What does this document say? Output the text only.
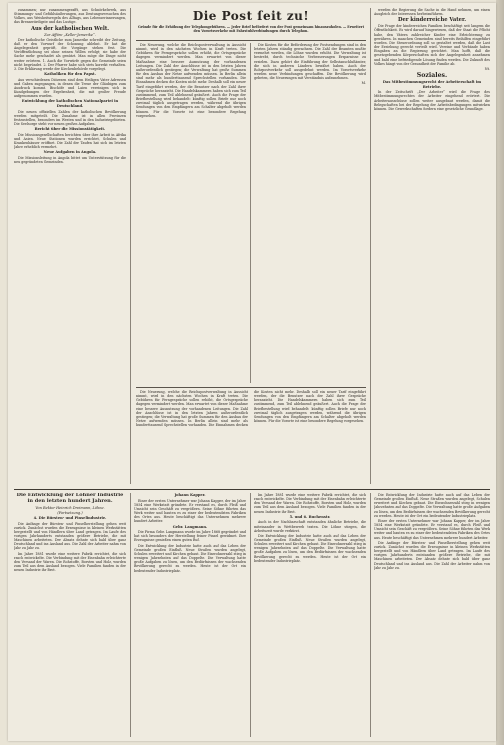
zusammen; nur zusammengerafft, aus Schnörkelwerk, aus Stimmungs- und Gefühlsäußerungen, aus Deutungsversuchen des Volkes, aus Weisheitsregeln des Alltags, aus Lebenserinnerungen, das Brennwürdigste und das Lustige.

Aus der katholischen Welt.

Zur Affäre „Keller-Jamerike“.

Der katholische Geistliche zum Jamerike schreibt der Zeitung, daß er den Vorwurf der Schonung ablehnt. Er hat die Angelegenheit geprüft, die Vorgänge stehen fest. Die Veröffentlichung sei ohne seinen Willen erfolgt; sie habe der Sache mehr geschadet als genützt. Man möge die Dinge nicht weiter erörtern. 1. Auch die Vorwürfe gegen die Gemeinde seien nicht begründet. 2. Der Pfarrer habe sich stets korrekt verhalten. 3. Die Erklärung werde der Kirchenbehörde vorgelegt.

Katholiken für den Papst.

Aus verschiedenen Diözesen sind dem Heiligen Vater Adressen und Gaben zugegangen, in denen die Treue der Gläubigen zum Ausdruck kommt. Bischöfe und Laien vereinigen sich in Kundgebungen der Ergebenheit, die mit großer Freude aufgenommen wurden.

Entwicklung der katholischen Nationalpartei in Deutschland.

Die neuen offiziellen Zahlen der katholischen Bevölkerung werden mitgeteilt. Die Zunahme ist in allen Provinzen festzustellen, besonders im Westen und in den Industriegebieten. Die Seelsorge steht vor neuen großen Aufgaben.

Bericht über die Missionstätigkeit.

Die Missionsgesellschaften berichten über ihre Arbeit in Afrika und Asien. Neue Stationen wurden errichtet, Schulen und Krankenhäuser eröffnet. Die Zahl der Taufen hat sich im letzten Jahre erheblich vermehrt.

Neue Aufgaben in Angola.

Die Missionsleitung in Angola bittet um Unterstützung für die neu gegründeten Gemeinden.

Die Post ſeit zu!
Gründe für die Erhöhung der Telephongebühren. — Jeder Brief befördert von der Post gemeinsam hinauszuholen. — Erweitert den Vorortsverkehr mit Fahrstuhlverbindungen durch Telephon.

Die Neuerung, welche die Reichspostverwaltung in Aussicht nimmt, wird in den nächsten Wochen in Kraft treten. Die Gebühren für Ferngespräche sollen erhöht, die Ortsgespräche dagegen vermindert werden. Man erwartet von dieser Maßnahme eine bessere Ausnutzung der vorhandenen Leitungen. Die Zahl der Anschlüsse ist in den letzten Jahren außerordentlich gestiegen; die Verwaltung hat große Summen für den Ausbau der Netze aufwenden müssen. In Berlin allein sind mehr als hunderttausend Sprechstellen vorhanden. Die Einnahmen decken die Kosten nicht mehr. Deshalb soll ein neuer Tarif eingeführt werden, der die Benutzer nach der Zahl ihrer Gespräche heranzieht. Die Handelskammern haben sich zum Teil zustimmend, zum Teil ablehnend geäußert. Auch die Frage der Briefbestellung wird behandelt: künftig sollen Briefe nur noch zweimal täglich ausgetragen werden, während die übrigen Sendungen von den Empfängern am Schalter abgeholt werden können. Für die Vororte ist eine besondere Regelung vorgesehen.

Die Kosten für die Beförderung der Postsendungen sind in den letzten Jahren ständig gewachsen. Die Zahl der Beamten mußte vermehrt werden, die Löhne wurden erhöht. Die Verwaltung ist bestrebt, durch technische Verbesserungen Ersparnisse zu erzielen. Dazu gehört die Einführung der Selbstanschlußämter, die sich in anderen Ländern bewährt haben. Auch der Rohrpostverkehr soll ausgedehnt werden. Im Vorortsverkehr werden neue Verbindungen geschaffen. Die Bevölkerung wird gebeten, die Neuerungen mit Verständnis aufzunehmen.

M.

werden die Regierung die Sache in die Hand nehmen, um einen Ausgleich der Interessen herbeizuführen.

Der kinderreiche Vater.

Die Frage der kinderreichen Familien beschäftigt seit langem die Öffentlichkeit. Es wird darauf hingewiesen, daß der Staat die Pflicht habe, den Vätern zahlreicher Kinder eine Erleichterung zu gewähren. In manchen Gemeinden sind bereits Beihilfen eingeführt worden. Die Steuerordnung soll so gestaltet werden, daß die Last der Erziehung gerecht verteilt wird. Vereine und Verbände haben Eingaben an die Regierung gerichtet. Man hofft, daß die gesetzgebenden Körperschaften sich der Angelegenheit annehmen und bald eine befriedigende Lösung finden werden. Die Zukunft des Volkes hängt von der Gesundheit der Familie ab.

Nt.

Soziales.

Das Mitbestimmungsrecht der Arbeiterschaft im Betriebe.

In der Zeitschrift „Der Arbeiter“ wird die Frage des Mitbestimmungsrechtes der Arbeiter eingehend erörtert. Die Arbeiterausschüsse sollen weiter ausgebaut werden, damit die Belegschaften bei der Regelung der Arbeitsbedingungen mitwirken können. Die Gewerkschaften fordern eine gesetzliche Grundlage.

Die Neuerung, welche die Reichspostverwaltung in Aussicht nimmt, wird in den nächsten Wochen in Kraft treten. Die Gebühren für Ferngespräche sollen erhöht, die Ortsgespräche dagegen vermindert werden. Man erwartet von dieser Maßnahme eine bessere Ausnutzung der vorhandenen Leitungen. Die Zahl der Anschlüsse ist in den letzten Jahren außerordentlich gestiegen; die Verwaltung hat große Summen für den Ausbau der Netze aufwenden müssen. In Berlin allein sind mehr als hunderttausend Sprechstellen vorhanden. Die Einnahmen decken die Kosten nicht mehr. Deshalb soll ein neuer Tarif eingeführt werden, der die Benutzer nach der Zahl ihrer Gespräche heranzieht. Die Handelskammern haben sich zum Teil zustimmend, zum Teil ablehnend geäußert. Auch die Frage der Briefbestellung wird behandelt: künftig sollen Briefe nur noch zweimal täglich ausgetragen werden, während die übrigen Sendungen von den Empfängern am Schalter abgeholt werden können. Für die Vororte ist eine besondere Regelung vorgesehen.

Die Entwicklung der Löhner Industrie in den letzten hundert Jahren.

Von Rektor Heinrich Dreimann, Löhne.

(Fortsetzung.)

4. Die Bürsten- und Pinselindustrie.

Die Anfänge der Bürsten- und Pinselherstellung gehen weit zurück. Zunächst wurden die Erzeugnisse in kleinen Werkstätten hergestellt und von Händlern über Land getragen. Im Laufe des vorigen Jahrhunderts entstanden größere Betriebe, die mit Maschinen arbeiteten. Der Absatz dehnte sich bald über ganz Deutschland und ins Ausland aus. Die Zahl der Arbeiter nahm von Jahr zu Jahr zu.

Im Jahre 1881 wurde eine weitere Fabrik errichtet, die sich rasch entwickelte. Die Verbindung mit der Eisenbahn erleichterte den Versand der Waren. Die Rohstoffe, Borsten und Holz, wurden zum Teil aus dem Ausland bezogen. Viele Familien fanden in der neuen Industrie ihr Brot.

Johann Kapper.

Einer der ersten Unternehmer war Johann Kapper, der im Jahre 1854 eine Werkstatt gründete. Er verstand es, durch Fleiß und Umsicht sein Geschäft zu vergrößern. Seine Söhne führten das Werk weiter und bauten es zu einer der bedeutendsten Fabriken des Ortes aus. Heute beschäftigt das Unternehmen mehrere hundert Arbeiter.

Gebr. Langmann.

Die Firma Gebr. Langmann wurde im Jahre 1868 gegründet und hat sich besonders der Herstellung feiner Pinsel gewidmet. Ihre Erzeugnisse genießen einen guten Ruf.

Die Entwicklung der Industrie hatte auch auf das Leben der Gemeinde großen Einfluß. Neue Straßen wurden angelegt, Schulen erweitert und Kirchen gebaut. Die Einwohnerzahl stieg in wenigen Jahrzehnten auf das Doppelte. Die Verwaltung hatte große Aufgaben zu lösen, um den Bedürfnissen der wachsenden Bevölkerung gerecht zu werden. Heute ist der Ort ein bedeutender Industrieplatz.

Im Jahre 1881 wurde eine weitere Fabrik errichtet, die sich rasch entwickelte. Die Verbindung mit der Eisenbahn erleichterte den Versand der Waren. Die Rohstoffe, Borsten und Holz, wurden zum Teil aus dem Ausland bezogen. Viele Familien fanden in der neuen Industrie ihr Brot.

5. und 6. Buchenstr.

Auch in der Nachbarschaft entstanden ähnliche Betriebe, die miteinander in Wettbewerb traten. Die Löhne stiegen, die Arbeitszeit wurde verkürzt.

Die Entwicklung der Industrie hatte auch auf das Leben der Gemeinde großen Einfluß. Neue Straßen wurden angelegt, Schulen erweitert und Kirchen gebaut. Die Einwohnerzahl stieg in wenigen Jahrzehnten auf das Doppelte. Die Verwaltung hatte große Aufgaben zu lösen, um den Bedürfnissen der wachsenden Bevölkerung gerecht zu werden. Heute ist der Ort ein bedeutender Industrieplatz.

Die Entwicklung der Industrie hatte auch auf das Leben der Gemeinde großen Einfluß. Neue Straßen wurden angelegt, Schulen erweitert und Kirchen gebaut. Die Einwohnerzahl stieg in wenigen Jahrzehnten auf das Doppelte. Die Verwaltung hatte große Aufgaben zu lösen, um den Bedürfnissen der wachsenden Bevölkerung gerecht zu werden. Heute ist der Ort ein bedeutender Industrieplatz.

Einer der ersten Unternehmer war Johann Kapper, der im Jahre 1854 eine Werkstatt gründete. Er verstand es, durch Fleiß und Umsicht sein Geschäft zu vergrößern. Seine Söhne führten das Werk weiter und bauten es zu einer der bedeutendsten Fabriken des Ortes aus. Heute beschäftigt das Unternehmen mehrere hundert Arbeiter.

Die Anfänge der Bürsten- und Pinselherstellung gehen weit zurück. Zunächst wurden die Erzeugnisse in kleinen Werkstätten hergestellt und von Händlern über Land getragen. Im Laufe des vorigen Jahrhunderts entstanden größere Betriebe, die mit Maschinen arbeiteten. Der Absatz dehnte sich bald über ganz Deutschland und ins Ausland aus. Die Zahl der Arbeiter nahm von Jahr zu Jahr zu.
